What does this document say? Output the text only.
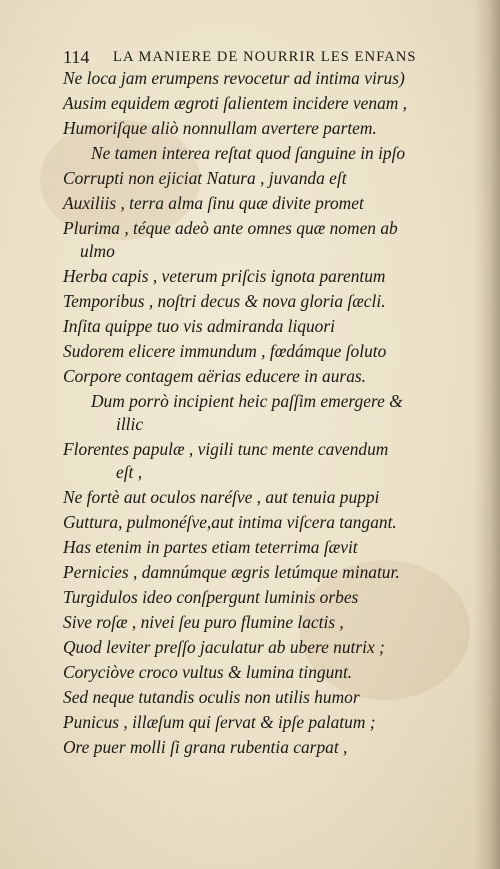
114 LA MANIERE DE NOURRIR LES ENFANS
Ne loca jam erumpens revocetur ad intima virus)
Ausim equidem ægroti ſalientem incidere venam ,
Humoriſque aliò nonnullam avertere partem.
Ne tamen interea reſtat quod ſanguine in ipſo
Corrupti non ejiciat Natura , juvanda eſt
Auxiliis , terra alma ſinu quæ divite promet
Plurima , téque adeò ante omnes quæ nomen ab
ulmo
Herba capis , veterum priſcis ignota parentum
Temporibus , noſtri decus & nova gloria ſæcli.
Inſita quippe tuo vis admiranda liquori
Sudorem elicere immundum , fœdámque ſoluto
Corpore contagem aërias educere in auras.
Dum porrò incipient heic paſſim emergere &
illic
Florentes papulæ , vigili tunc mente cavendum
eſt ,
Ne fortè aut oculos naréſve , aut tenuia puppi
Guttura, pulmonéſve,aut intima viſcera tangant.
Has etenim in partes etiam teterrima ſævit
Pernicies , damnúmque ægris letúmque minatur.
Turgidulos ideo conſpergunt luminis orbes
Sive roſæ , nivei ſeu puro flumine lactis ,
Quod leviter preſſo jaculatur ab ubere nutrix ;
Coryciòve croco vultus & lumina tingunt.
Sed neque tutandis oculis non utilis humor
Punicus , illæſum qui ſervat & ipſe palatum ;
Ore puer molli ſi grana rubentia carpat ,
